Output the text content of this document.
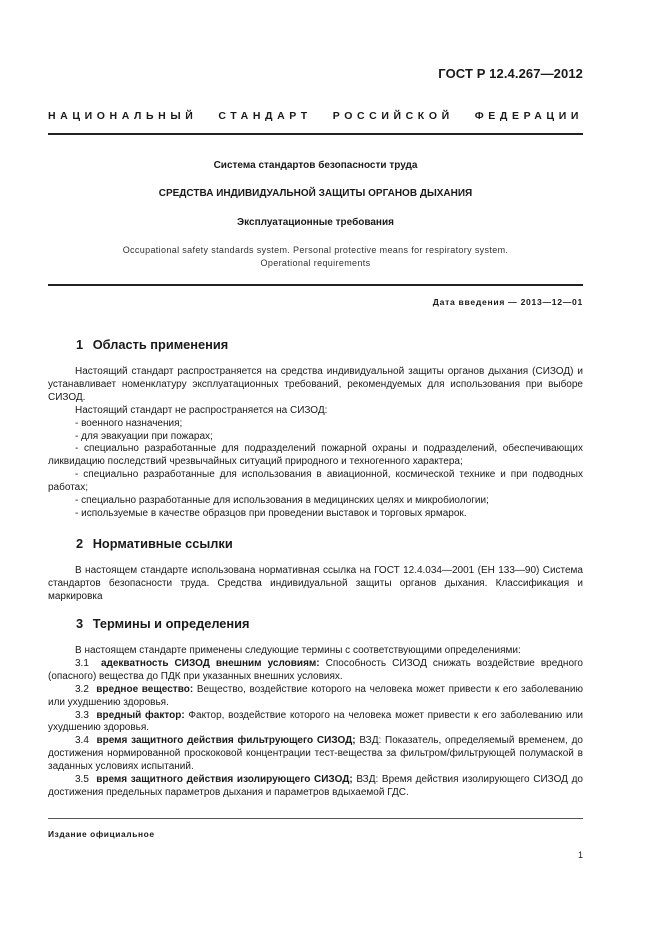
ГОСТ Р 12.4.267—2012
НАЦИОНАЛЬНЫЙ СТАНДАРТ РОССИЙСКОЙ ФЕДЕРАЦИИ
Система стандартов безопасности труда
СРЕДСТВА ИНДИВИДУАЛЬНОЙ ЗАЩИТЫ ОРГАНОВ ДЫХАНИЯ
Эксплуатационные требования
Occupational safety standards system. Personal protective means for respiratory system.
Operational requirements
Дата введения — 2013—12—01
1 Область применения

Настоящий стандарт распространяется на средства индивидуальной защиты органов дыхания (СИЗОД) и устанавливает номенклатуру эксплуатационных требований, рекомендуемых для использования при выборе СИЗОД.

Настоящий стандарт не распространяется на СИЗОД:

- военного назначения;

- для эвакуации при пожарах;

- специально разработанные для подразделений пожарной охраны и подразделений, обеспечивающих ликвидацию последствий чрезвычайных ситуаций природного и техногенного характера;

- специально разработанные для использования в авиационной, космической технике и при подводных работах;

- специально разработанные для использования в медицинских целях и микробиологии;

- используемые в качестве образцов при проведении выставок и торговых ярмарок.

2 Нормативные ссылки

В настоящем стандарте использована нормативная ссылка на ГОСТ 12.4.034—2001 (ЕН 133—90) Система стандартов безопасности труда. Средства индивидуальной защиты органов дыхания. Классификация и маркировка

3 Термины и определения

В настоящем стандарте применены следующие термины с соответствующими определениями:

3.1 адекватность СИЗОД внешним условиям: Способность СИЗОД снижать воздействие вредного (опасного) вещества до ПДК при указанных внешних условиях.

3.2 вредное вещество: Вещество, воздействие которого на человека может привести к его заболеванию или ухудшению здоровья.

3.3 вредный фактор: Фактор, воздействие которого на человека может привести к его заболеванию или ухудшению здоровья.

3.4 время защитного действия фильтрующего СИЗОД; ВЗД: Показатель, определяемый временем, до достижения нормированной проскоковой концентрации тест-вещества за фильтром/фильтрующей полумаской в заданных условиях испытаний.

3.5 время защитного действия изолирующего СИЗОД; ВЗД: Время действия изолирующего СИЗОД до достижения предельных параметров дыхания и параметров вдыхаемой ГДС.

Издание официальное
1
